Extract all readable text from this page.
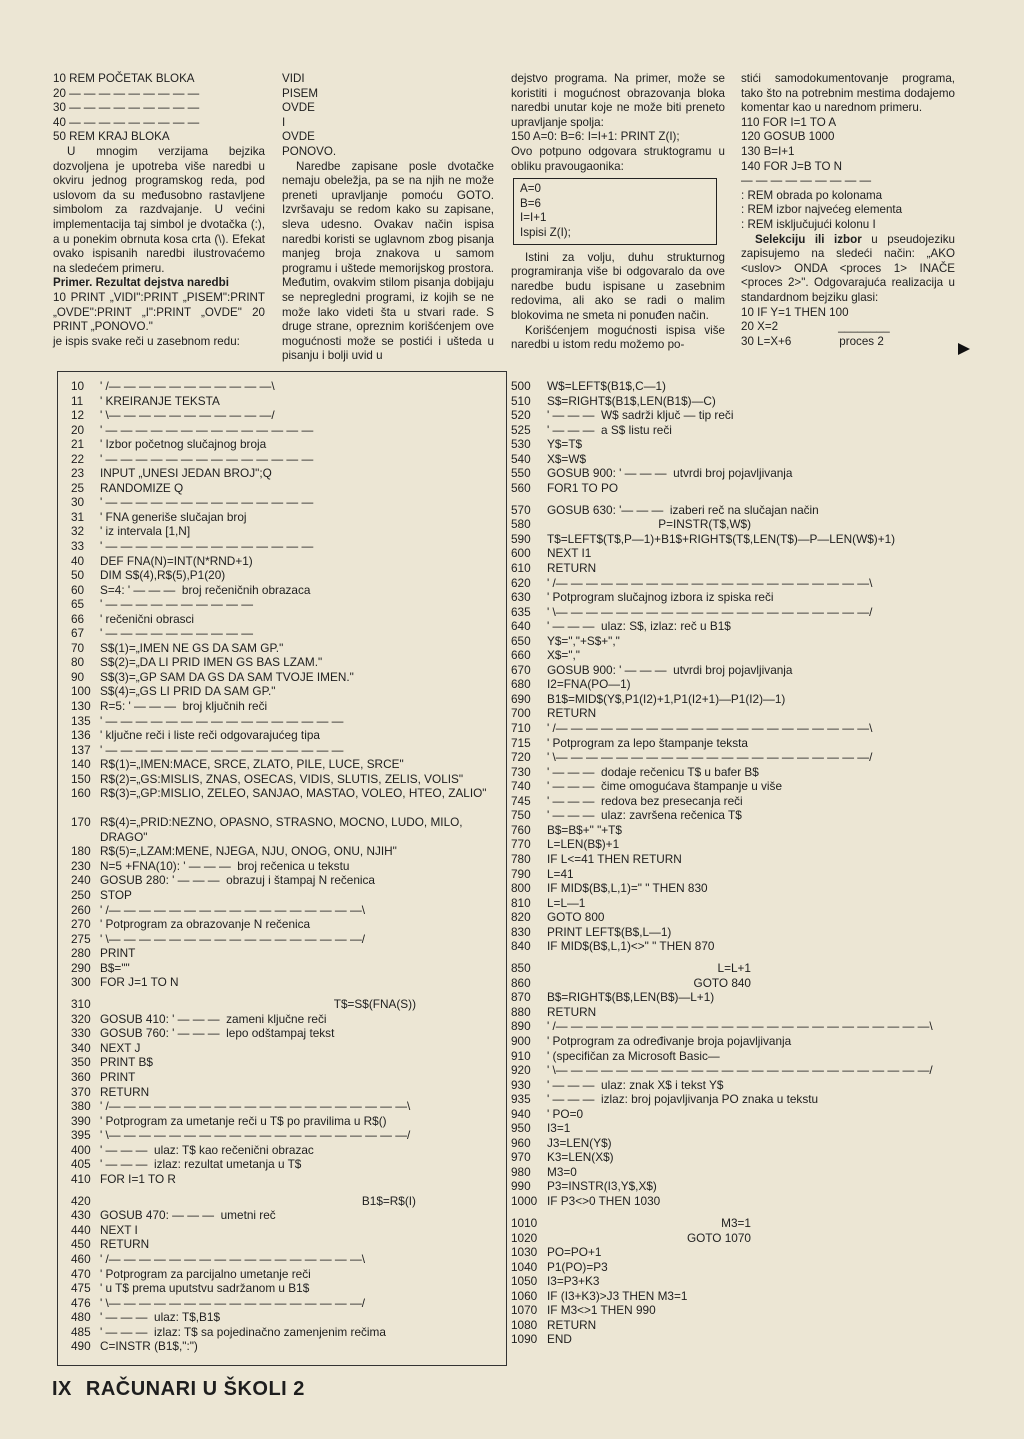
10 REM POČETAK BLOKA
20 — — — — — — — — —
30 — — — — — — — — —
40 — — — — — — — — —
50 REM KRAJ BLOKA

U mnogim verzijama bejzika dozvoljena je upotreba više naredbi u okviru jednog programskog reda, pod uslovom da su međusobno rastavljene simbolom za razdvajanje. U većini implementacija taj simbol je dvotačka (:), a u ponekim obrnuta kosa crta (\). Efekat ovako ispisanih naredbi ilustrovaćemo na sledećem primeru.

Primer. Rezultat dejstva naredbi

10 PRINT „VIDI":PRINT „PISEM":PRINT „OVDE":PRINT „I":PRINT „OVDE" 20 PRINT „PONOVO."

je ispis svake reči u zasebnom redu:

VIDI
PISEM
OVDE
I
OVDE
PONOVO.

Naredbe zapisane posle dvotačke nemaju obeležja, pa se na njih ne može preneti upravljanje pomoću GOTO. Izvršavaju se redom kako su zapisane, sleva udesno. Ovakav način ispisa naredbi koristi se uglavnom zbog pisanja manjeg broja znakova u samom programu i uštede memorijskog prostora. Međutim, ovakvim stilom pisanja dobijaju se nepregledni programi, iz kojih se ne može lako videti šta u stvari rade. S druge strane, opreznim korišćenjem ove mogućnosti može se postići i ušteda u pisanju i bolji uvid u

dejstvo programa. Na primer, može se koristiti i mogućnost obrazovanja bloka naredbi unutar koje ne može biti preneto upravljanje spolja:

150 A=0: B=6: I=I+1: PRINT Z(I);

Ovo potpuno odgovara struktogramu u obliku pravougaonika:

A=0
B=6
I=I+1
Ispisi Z(I);

Istini za volju, duhu strukturnog programiranja više bi odgovaralo da ove naredbe budu ispisane u zasebnim redovima, ali ako se radi o malim blokovima ne smeta ni ponuđen način.

Korišćenjem mogućnosti ispisa više naredbi u istom redu možemo po-

stići samodokumentovanje programa, tako što na potrebnim mestima dodajemo komentar kao u narednom primeru.

110 FOR I=1 TO A
120 GOSUB 1000
130 B=I+1
140 FOR J=B TO N
— — — — — — — — —
: REM obrada po kolonama
: REM izbor najvećeg elementa
: REM isključujući kolonu I

Selekciju ili izbor u pseudojeziku zapisujemo na sledeći način: „AKO <uslov> ONDA <proces 1> INAČE <proces 2>". Odgovarajuća realizacija u standardnom bejziku glasi:

10 IF Y=1 THEN 100
20 X=2	________
30 L=X+6	proces 2
10	' /— — — — — — — — — — —\
11	' KREIRANJE TEKSTA
12	' \— — — — — — — — — — —/
20	' — — — — — — — — — — — — — —
21	' Izbor početnog slučajnog broja
22	' — — — — — — — — — — — — — —
23	INPUT „UNESI JEDAN BROJ";Q
25	RANDOMIZE Q
30	' — — — — — — — — — — — — — —
31	' FNA generiše slučajan broj
32	' iz intervala [1,N]
33	' — — — — — — — — — — — — — —
40	DEF FNA(N)=INT(N*RND+1)
50	DIM S$(4),R$(5),P1(20)
60	S=4: ' — — —  broj rečeničnih obrazaca
65	' — — — — — — — — — —
66	' rečenični obrasci
67	' — — — — — — — — — —
70	S$(1)=„IMEN NE GS DA SAM GP."
80	S$(2)=„DA LI PRID IMEN GS BAS LZAM."
90	S$(3)=„GP SAM DA GS DA SAM TVOJE IMEN."
100 S$(4)=„GS LI PRID DA SAM GP."
130 R=5: ' — — —  broj ključnih reči
135 ' — — — — — — — — — — — — — — — —
136 ' ključne reči i liste reči odgovarajućeg tipa
137 ' — — — — — — — — — — — — — — — —
140 R$(1)=„IMEN:MACE, SRCE, ZLATO, PILE, LUCE, SRCE"
150 R$(2)=„GS:MISLIS, ZNAS, OSECAS, VIDIS, SLUTIS, ZELIS, VOLIS"
160 R$(3)=„GP:MISLIO, ZELEO, SANJAO, MASTAO, VOLEO, HTEO, ZALIO"
170 R$(4)=„PRID:NEZNO, OPASNO, STRASNO, MOCNO, LUDO, MILO, DRAGO"
180 R$(5)=„LZAM:MENE, NJEGA, NJU, ONOG, ONU, NJIH"
230 N=5 +FNA(10): ' — — —  broj rečenica u tekstu
240 GOSUB 280: ' — — —  obrazuj i štampaj N rečenica
250 STOP
260 ' /— — — — — — — — — — — — — — — — —\
270 ' Potprogram za obrazovanje N rečenica
275 ' \— — — — — — — — — — — — — — — — —/
280 PRINT
290 B$=""
300 FOR J=1 TO N
310	T$=S$(FNA(S))
320 GOSUB 410: ' — — —  zameni ključne reči
330 GOSUB 760: ' — — —  lepo odštampaj tekst
340 NEXT J
350 PRINT B$
360 PRINT
370 RETURN
380 ' /— — — — — — — — — — — — — — — — — — — —\
390 ' Potprogram za umetanje reči u T$ po pravilima u R$()
395 ' \— — — — — — — — — — — — — — — — — — — —/
400 ' — — —  ulaz: T$ kao rečenični obrazac
405 ' — — —  izlaz: rezultat umetanja u T$
410 FOR I=1 TO R
420	B1$=R$(I)
430 GOSUB 470: — — —  umetni reč
440 NEXT I
450 RETURN
460 ' /— — — — — — — — — — — — — — — — —\
470 ' Potprogram za parcijalno umetanje reči
475 ' u T$ prema uputstvu sadržanom u B1$
476 ' \— — — — — — — — — — — — — — — — —/
480 ' — — —  ulaz: T$,B1$
485 ' — — —  izlaz: T$ sa pojedinačno zamenjenim rečima
490 C=INSTR (B1$,":")
500	W$=LEFT$(B1$,C—1)
510	S$=RIGHT$(B1$,LEN(B1$)—C)
520	' — — —  W$ sadrži ključ — tip reči
525	' — — —  a S$ listu reči
530	Y$=T$
540	X$=W$
550	GOSUB 900: ' — — —  utvrdi broj pojavljivanja
560	FOR1 TO PO
570	GOSUB 630: '— — —  izaberi reč na slučajan način
580	P=INSTR(T$,W$)
590	T$=LEFT$(T$,P—1)+B1$+RIGHT$(T$,LEN(T$)—P—LEN(W$)+1)
600	NEXT I1
610	RETURN
620	' /— — — — — — — — — — — — — — — — — — — — —\
630	' Potprogram slučajnog izbora iz spiska reči
635	' \— — — — — — — — — — — — — — — — — — — — —/
640	' — — —  ulaz: S$, izlaz: reč u B1$
650	Y$=","+S$+","
660	X$=","
670	GOSUB 900: ' — — —  utvrdi broj pojavljivanja
680	I2=FNA(PO—1)
690	B1$=MID$(Y$,P1(I2)+1,P1(I2+1)—P1(I2)—1)
700	RETURN
710	' /— — — — — — — — — — — — — — — — — — — — —\
715	' Potprogram za lepo štampanje teksta
720	' \— — — — — — — — — — — — — — — — — — — — —/
730	' — — —  dodaje rečenicu T$ u bafer B$
740	' — — —  čime omogućava štampanje u više
745	' — — —  redova bez presecanja reči
750	' — — —  ulaz: završena rečenica T$
760	B$=B$+" "+T$
770	L=LEN(B$)+1
780	IF L<=41 THEN RETURN
790	L=41
800	IF MID$(B$,L,1)=" " THEN 830
810	L=L—1
820	GOTO 800
830	PRINT LEFT$(B$,L—1)
840	IF MID$(B$,L,1)<>" " THEN 870
850	L=L+1
860	GOTO 840
870	B$=RIGHT$(B$,LEN(B$)—L+1)
880	RETURN
890	' /— — — — — — — — — — — — — — — — — — — — — — — — —\
900	' Potprogram za određivanje broja pojavljivanja
910	' (specifičan za Microsoft Basic—
920	' \— — — — — — — — — — — — — — — — — — — — — — — — —/
930	' — — —  ulaz: znak X$ i tekst Y$
935	' — — —  izlaz: broj pojavljivanja PO znaka u tekstu
940	' PO=0
950	I3=1
960	J3=LEN(Y$)
970	K3=LEN(X$)
980	M3=0
990	P3=INSTR(I3,Y$,X$)
1000 IF P3<>0 THEN 1030
1010	M3=1
1020	GOTO 1070
1030 PO=PO+1
1040 P1(PO)=P3
1050 I3=P3+K3
1060 IF (I3+K3)>J3 THEN M3=1
1070 IF M3<>1 THEN 990
1080 RETURN
1090 END
IX RAČUNARI U ŠKOLI 2
